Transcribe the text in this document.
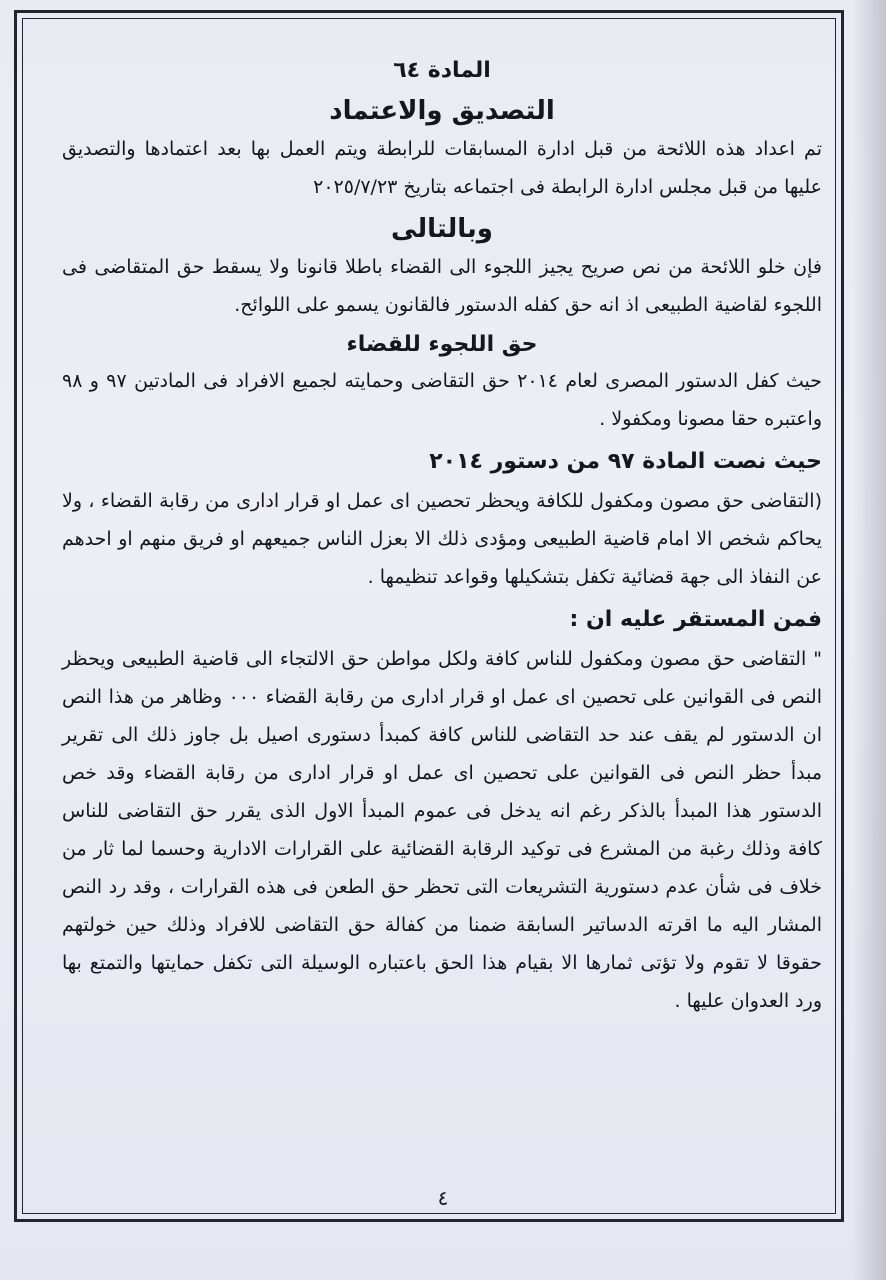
المادة ٦٤
التصديق والاعتماد

تم اعداد هذه اللائحة من قبل ادارة المسابقات للرابطة ويتم العمل بها بعد اعتمادها والتصديق عليها من قبل مجلس ادارة الرابطة فى اجتماعه بتاريخ ٢٠٢٥/٧/٢٣

وبالتالى

فإن خلو اللائحة من نص صريح يجيز اللجوء الى القضاء باطلا قانونا ولا يسقط حق المتقاضى فى اللجوء لقاضية الطبيعى اذ انه حق كفله الدستور فالقانون يسمو على اللوائح.

حق اللجوء للقضاء

حيث كفل الدستور المصرى لعام ٢٠١٤ حق التقاضى وحمايته لجميع الافراد فى المادتين ٩٧ و ٩٨ واعتبره حقا مصونا ومكفولا .

حيث نصت المادة ٩٧ من دستور ٢٠١٤

(التقاضى حق مصون ومكفول للكافة ويحظر تحصين اى عمل او قرار ادارى من رقابة القضاء ، ولا يحاكم شخص الا امام قاضية الطبيعى ومؤدى ذلك الا بعزل الناس جميعهم او فريق منهم او احدهم عن النفاذ الى جهة قضائية تكفل بتشكيلها وقواعد تنظيمها .

فمن المستقر عليه ان :

" التقاضى حق مصون ومكفول للناس كافة ولكل مواطن حق الالتجاء الى قاضية الطبيعى ويحظر النص فى القوانين على تحصين اى عمل او قرار ادارى من رقابة القضاء ٠٠٠ وظاهر من هذا النص ان الدستور لم يقف عند حد التقاضى للناس كافة كمبدأ دستورى اصيل بل جاوز ذلك الى تقرير مبدأ حظر النص فى القوانين على تحصين اى عمل او قرار ادارى من رقابة القضاء وقد خص الدستور هذا المبدأ بالذكر رغم انه يدخل فى عموم المبدأ الاول الذى يقرر حق التقاضى للناس كافة وذلك رغبة من المشرع فى توكيد الرقابة القضائية على القرارات الادارية وحسما لما ثار من خلاف فى شأن عدم دستورية التشريعات التى تحظر حق الطعن فى هذه القرارات ، وقد رد النص المشار اليه ما اقرته الدساتير السابقة ضمنا من كفالة حق التقاضى للافراد وذلك حين خولتهم حقوقا لا تقوم ولا تؤتى ثمارها الا بقيام هذا الحق باعتباره الوسيلة التى تكفل حمايتها والتمتع بها ورد العدوان عليها .

٤
